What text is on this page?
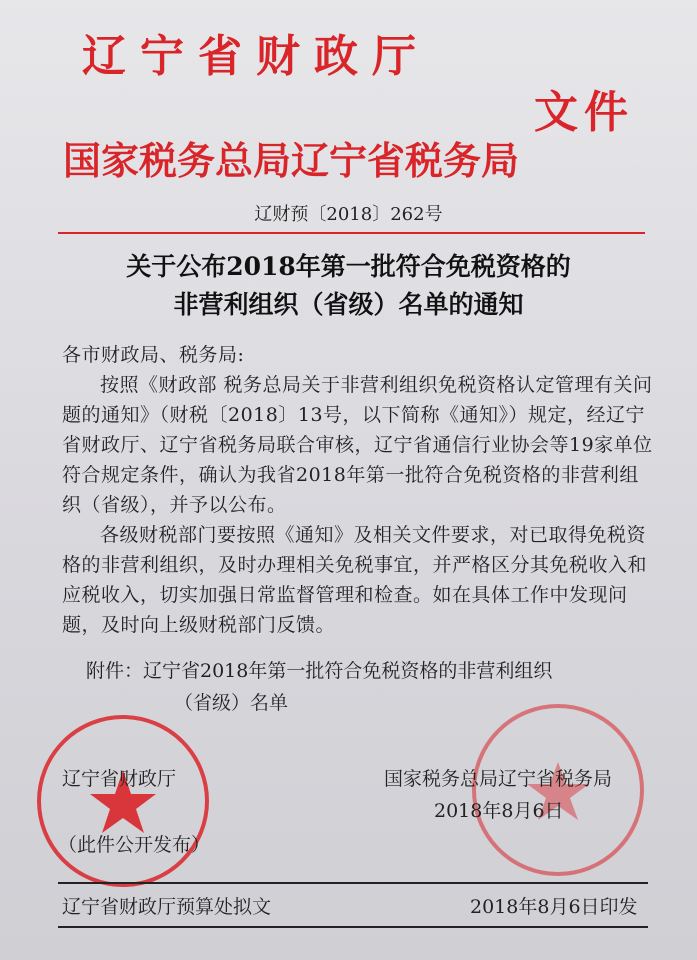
辽宁省财政厅
文件
国家税务总局辽宁省税务局
辽财预〔2018〕262号
关于公布2018年第一批符合免税资格的
非营利组织（省级）名单的通知

各市财政局、税务局:

按照《财政部 税务总局关于非营利组织免税资格认定管理有关问题的通知》（财税〔2018〕13号，以下简称《通知》）规定，经辽宁省财政厅、辽宁省税务局联合审核，辽宁省通信行业协会等19家单位符合规定条件，确认为我省2018年第一批符合免税资格的非营利组织（省级），并予以公布。

各级财税部门要按照《通知》及相关文件要求，对已取得免税资格的非营利组织，及时办理相关免税事宜，并严格区分其免税收入和应税收入，切实加强日常监督管理和检查。如在具体工作中发现问题，及时向上级财税部门反馈。

附件：辽宁省2018年第一批符合免税资格的非营利组织
（省级）名单
辽宁省财政厅	国家税务总局辽宁省税务局
2018年8月6日
（此件公开发布）
辽宁省财政厅预算处拟文	2018年8月6日印发
